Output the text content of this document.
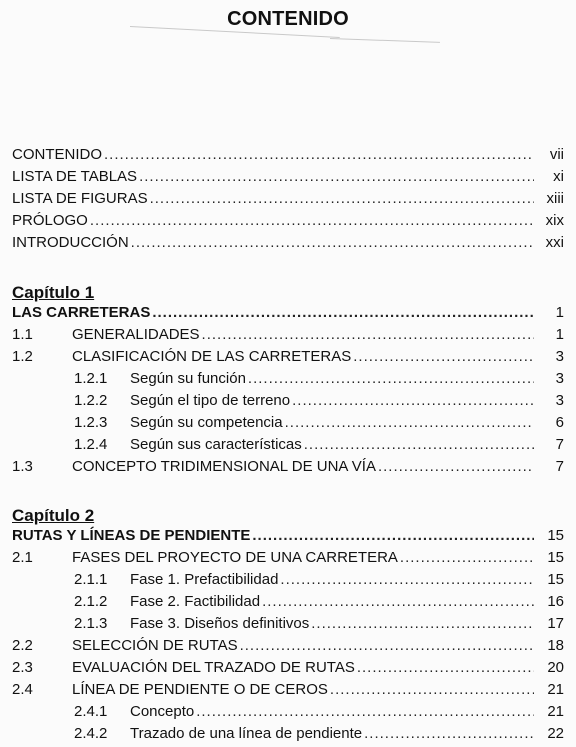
CONTENIDO
CONTENIDO .....	vii
LISTA DE TABLAS .....	xi
LISTA DE FIGURAS .....	xiii
PRÓLOGO .....	xix
INTRODUCCIÓN .....	xxi
Capítulo 1
LAS CARRETERAS .....	1
1.1	GENERALIDADES .....	1
1.2	CLASIFICACIÓN DE LAS CARRETERAS .....	3
1.2.1	Según su función .....	3
1.2.2	Según el tipo de terreno .....	3
1.2.3	Según su competencia .....	6
1.2.4	Según sus características .....	7
1.3	CONCEPTO TRIDIMENSIONAL DE UNA VÍA .....	7
Capítulo 2
RUTAS Y LÍNEAS DE PENDIENTE .....	15
2.1	FASES DEL PROYECTO DE UNA CARRETERA .....	15
2.1.1	Fase 1. Prefactibilidad .....	15
2.1.2	Fase 2. Factibilidad .....	16
2.1.3	Fase 3. Diseños definitivos .....	17
2.2	SELECCIÓN DE RUTAS .....	18
2.3	EVALUACIÓN DEL TRAZADO DE RUTAS .....	20
2.4	LÍNEA DE PENDIENTE O DE CEROS .....	21
2.4.1	Concepto .....	21
2.4.2	Trazado de una línea de pendiente .....	22
